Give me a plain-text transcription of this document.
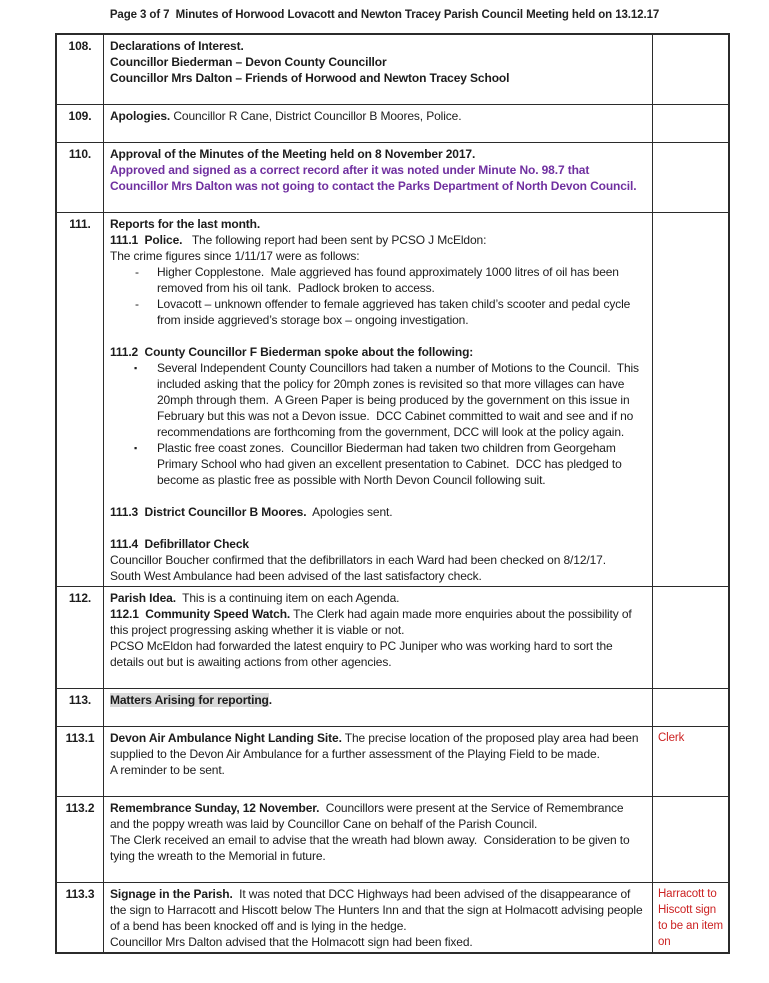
Page 3 of 7  Minutes of Horwood Lovacott and Newton Tracey Parish Council Meeting held on 13.12.17
108.	Declarations of Interest.
Councillor Biederman – Devon County Councillor
Councillor Mrs Dalton – Friends of Horwood and Newton Tracey School	

109.	Apologies. Councillor R Cane, District Councillor B Moores, Police.	

110.	Approval of the Minutes of the Meeting held on 8 November 2017.
Approved and signed as a correct record after it was noted under Minute No. 98.7 that Councillor Mrs Dalton was not going to contact the Parks Department of North Devon Council.	

111.	Reports for the last month.
111.1  Police.   The following report had been sent by PCSO J McEldon:
The crime figures since 1/11/17 were as follows:
- Higher Copplestone.  Male aggrieved has found approximately 1000 litres of oil has been removed from his oil tank.  Padlock broken to access.
- Lovacott – unknown offender to female aggrieved has taken child’s scooter and pedal cycle from inside aggrieved’s storage box – ongoing investigation.
111.2  County Councillor F Biederman spoke about the following:
▪ Several Independent County Councillors had taken a number of Motions to the Council.  This included asking that the policy for 20mph zones is revisited so that more villages can have 20mph through them.  A Green Paper is being produced by the government on this issue in February but this was not a Devon issue.  DCC Cabinet committed to wait and see and if no recommendations are forthcoming from the government, DCC will look at the policy again.
▪ Plastic free coast zones.  Councillor Biederman had taken two children from Georgeham Primary School who had given an excellent presentation to Cabinet.  DCC has pledged to become as plastic free as possible with North Devon Council following suit.
111.3  District Councillor B Moores.  Apologies sent.
111.4  Defibrillator Check
Councillor Boucher confirmed that the defibrillators in each Ward had been checked on 8/12/17.
South West Ambulance had been advised of the last satisfactory check.

112.	Parish Idea.  This is a continuing item on each Agenda.
112.1  Community Speed Watch. The Clerk had again made more enquiries about the possibility of this project progressing asking whether it is viable or not.
PCSO McEldon had forwarded the latest enquiry to PC Juniper who was working hard to sort the details out but is awaiting actions from other agencies.	

113.	Matters Arising for reporting.	

113.1	Devon Air Ambulance Night Landing Site. The precise location of the proposed play area had been supplied to the Devon Air Ambulance for a further assessment of the Playing Field to be made.
A reminder to be sent.	Clerk
113.2	Remembrance Sunday, 12 November.  Councillors were present at the Service of Remembrance and the poppy wreath was laid by Councillor Cane on behalf of the Parish Council.
The Clerk received an email to advise that the wreath had blown away.  Consideration to be given to tying the wreath to the Memorial in future.	

113.3	Signage in the Parish.  It was noted that DCC Highways had been advised of the disappearance of the sign to Harracott and Hiscott below The Hunters Inn and that the sign at Holmacott advising people of a bend has been knocked off and is lying in the hedge.
Councillor Mrs Dalton advised that the Holmacott sign had been fixed.	Harracott to Hiscott sign to be an item on
